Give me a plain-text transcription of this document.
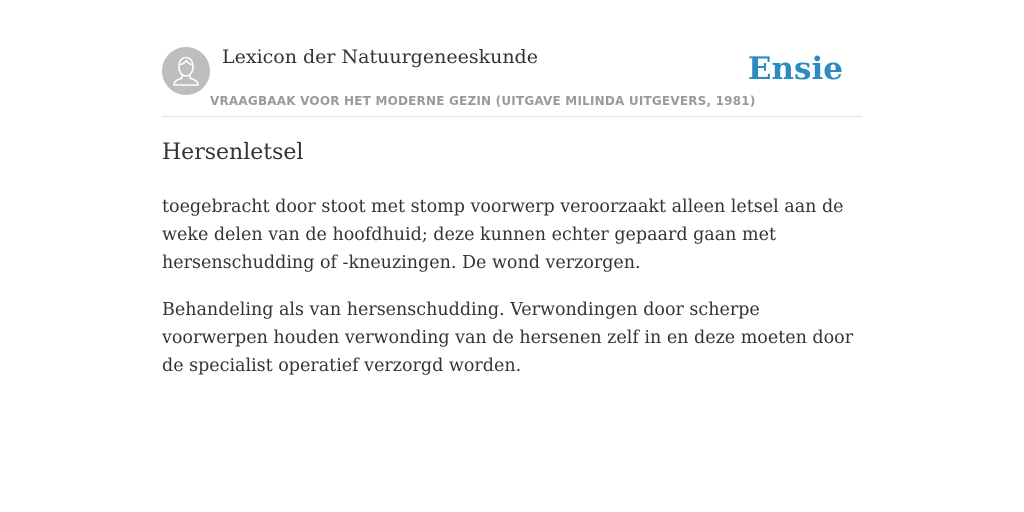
Lexicon der Natuurgeneeskunde
VRAAGBAAK VOOR HET MODERNE GEZIN (UITGAVE MILINDA UITGEVERS, 1981)
Ensie
Hersenletsel

toegebracht door stoot met stomp voorwerp veroorzaakt alleen letsel aan de weke delen van de hoofdhuid; deze kunnen echter gepaard gaan met hersenschudding of -kneuzingen. De wond verzorgen.

Behandeling als van hersenschudding. Verwondingen door scherpe voorwerpen houden verwonding van de hersenen zelf in en deze moeten door de specialist operatief verzorgd worden.
